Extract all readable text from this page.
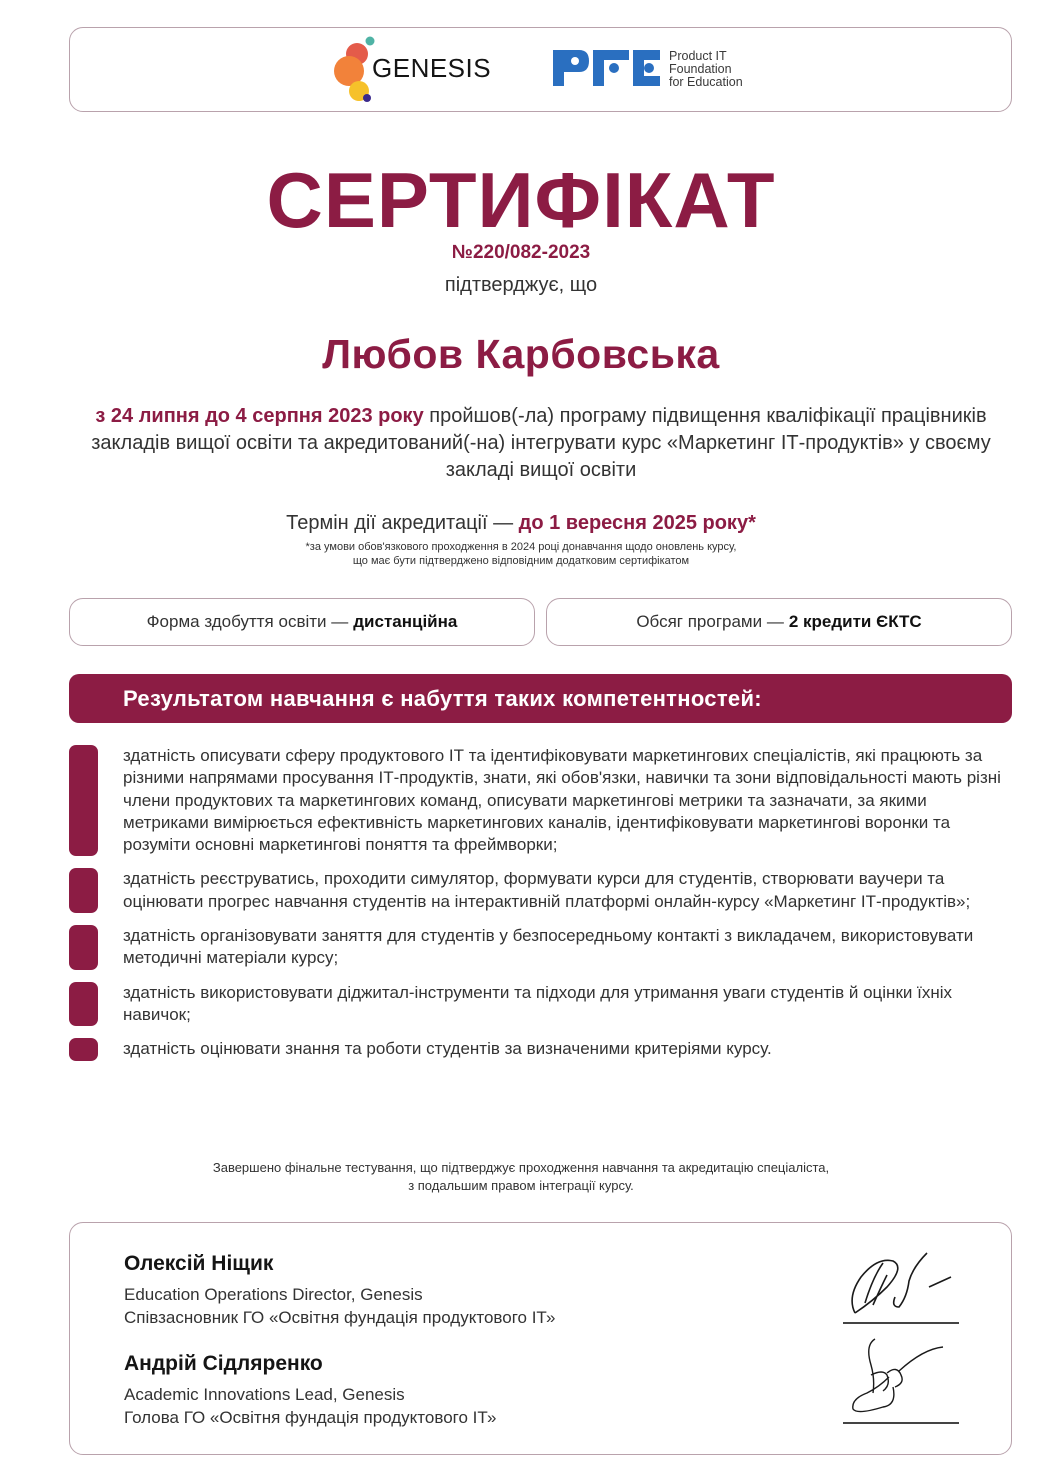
GENESIS	Product IT
Foundation
for Education
СЕРТИФІКАТ
№220/082-2023
підтверджує, що
Любов Карбовська
з 24 липня до 4 серпня 2023 року пройшов(-ла) програму підвищення кваліфікації працівників закладів вищої освіти та акредитований(-на) інтегрувати курс «Маркетинг ІТ-продуктів» у своєму закладі вищої освіти
Термін дії акредитації — до 1 вересня 2025 року*
*за умови обов'язкового проходження в 2024 році донавчання щодо оновлень курсу,
що має бути підтверджено відповідним додатковим сертифікатом
Форма здобуття освіти — дистанційна	Обсяг програми — 2 кредити ЄКТС
Результатом навчання є набуття таких компетентностей:
здатність описувати сферу продуктового ІТ та ідентифіковувати маркетингових спеціалістів, які працюють за різними напрямами просування ІТ-продуктів, знати, які обов'язки, навички та зони відповідальності мають різні члени продуктових та маркетингових команд, описувати маркетингові метрики та зазначати, за якими метриками вимірюється ефективність маркетингових каналів, ідентифіковувати маркетингові воронки та розуміти основні маркетингові поняття та фреймворки;
здатність реєструватись, проходити симулятор, формувати курси для студентів, створювати ваучери та оцінювати прогрес навчання студентів на інтерактивній платформі онлайн-курсу «Маркетинг ІТ-продуктів»;
здатність організовувати заняття для студентів у безпосередньому контакті з викладачем, використовувати методичні матеріали курсу;
здатність використовувати діджитал-інструменти та підходи для утримання уваги студентів й оцінки їхніх навичок;
здатність оцінювати знання та роботи студентів за визначеними критеріями курсу.
Завершено фінальне тестування, що підтверджує проходження навчання та акредитацію спеціаліста,
з подальшим правом інтеграції курсу.
Олексій Ніщик
Education Operations Director, Genesis
Співзасновник ГО «Освітня фундація продуктового ІТ»
Андрій Сідляренко
Academic Innovations Lead, Genesis
Голова ГО «Освітня фундація продуктового ІТ»
